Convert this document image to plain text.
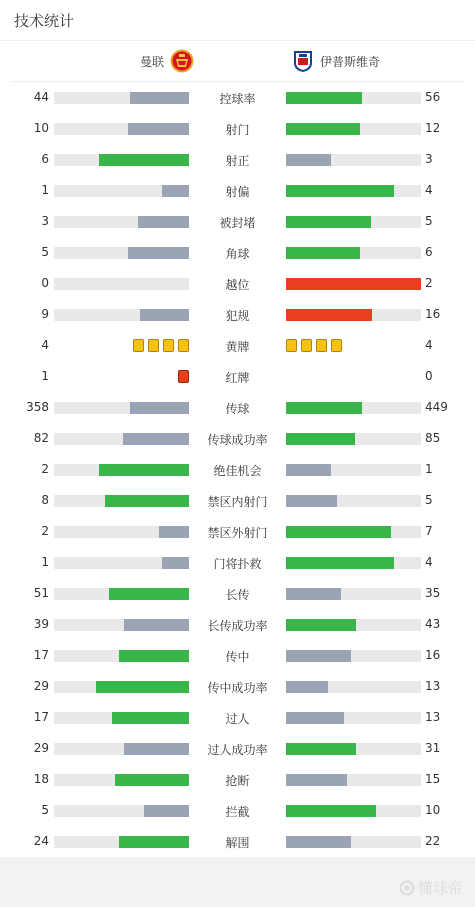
技术统计
曼联	伊普斯维奇
44	控球率	56
10	射门	12
6	射正	3
1	射偏	4
3	被封堵	5
5	角球	6
0	越位	2
9	犯规	16
4	黄牌	4
1	红牌	0
358	传球	449
82	传球成功率	85
2	绝佳机会	1
8	禁区内射门	5
2	禁区外射门	7
1	门将扑救	4
51	长传	35
39	长传成功率	43
17	传中	16
29	传中成功率	13
17	过人	13
29	过人成功率	31
18	抢断	15
5	拦截	10
24	解围	22
懂球帝
